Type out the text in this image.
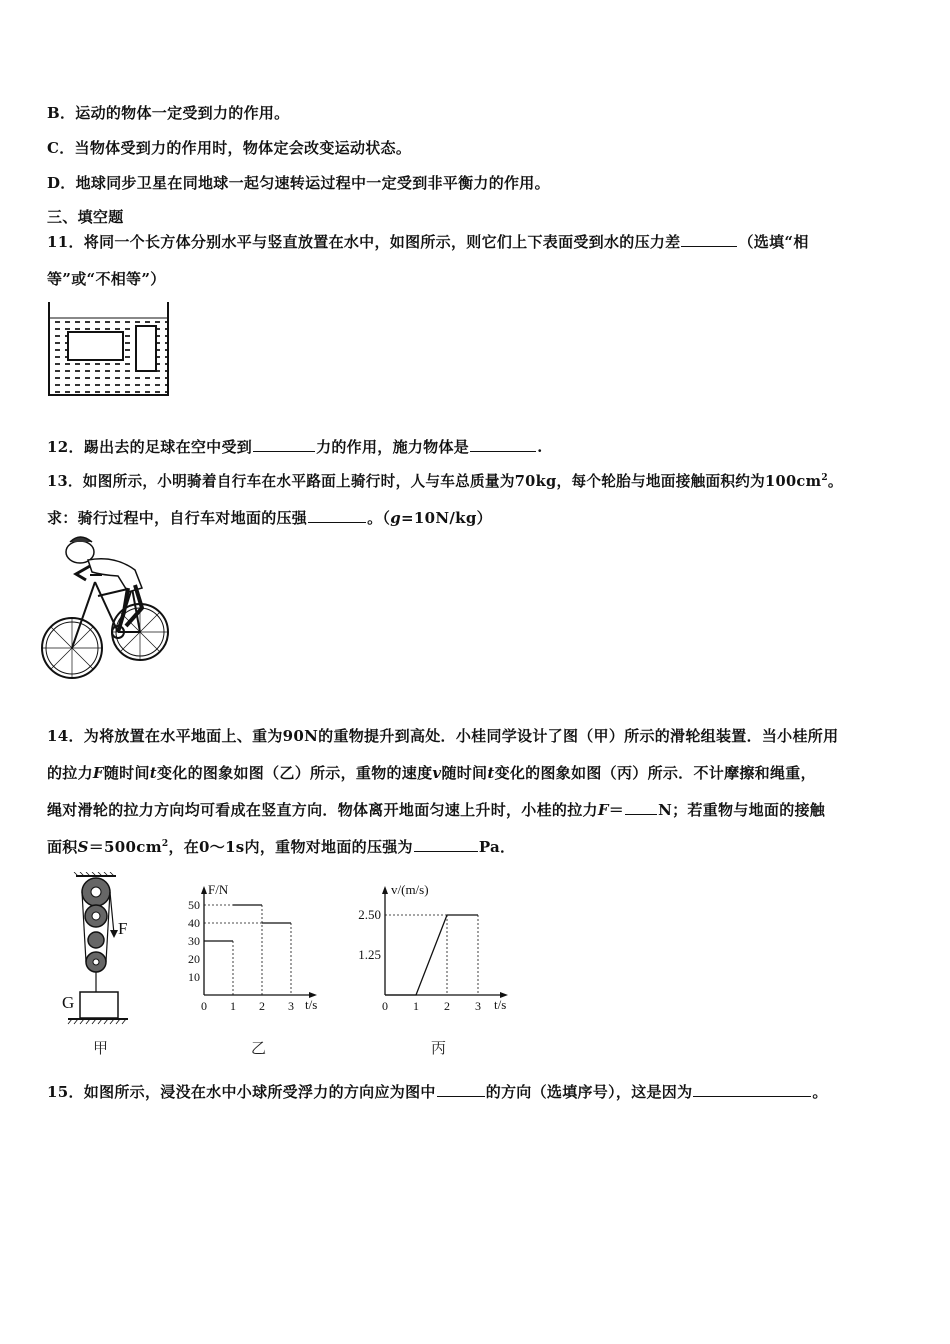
B．运动的物体一定受到力的作用。
C．当物体受到力的作用时，物体定会改变运动状态。
D．地球同步卫星在同地球一起匀速转运过程中一定受到非平衡力的作用。
三、填空题
11．将同一个长方体分别水平与竖直放置在水中，如图所示，则它们上下表面受到水的压力差	（选填“相
等”或“不相等”）
12．踢出去的足球在空中受到	力的作用，施力物体是	.
13．如图所示，小明骑着自行车在水平路面上骑行时，人与车总质量为70kg，每个轮胎与地面接触面积约为$100cm^2$。
求：骑行过程中，自行车对地面的压强	。（g=10N/kg）
14．为将放置在水平地面上、重为90N的重物提升到高处．小桂同学设计了图（甲）所示的滑轮组装置．当小桂所用
的拉力F随时间t变化的图象如图（乙）所示，重物的速度v随时间t变化的图象如图（丙）所示．不计摩擦和绳重，
绳对滑轮的拉力方向均可看成在竖直方向．物体离开地面匀速上升时，小桂的拉力F＝ N；若重物与地面的接触
面积$S=500cm^2$，在0～1s内，重物对地面的压强为	Pa．
F
G
甲
F/N
t/s
10
20
30
40
50
0 1 2 3
乙
v/(m/s)
t/s
1.25
2.50
0 1 2 3
丙
15．如图所示，浸没在水中小球所受浮力的方向应为图中	的方向（选填序号），这是因为	。
